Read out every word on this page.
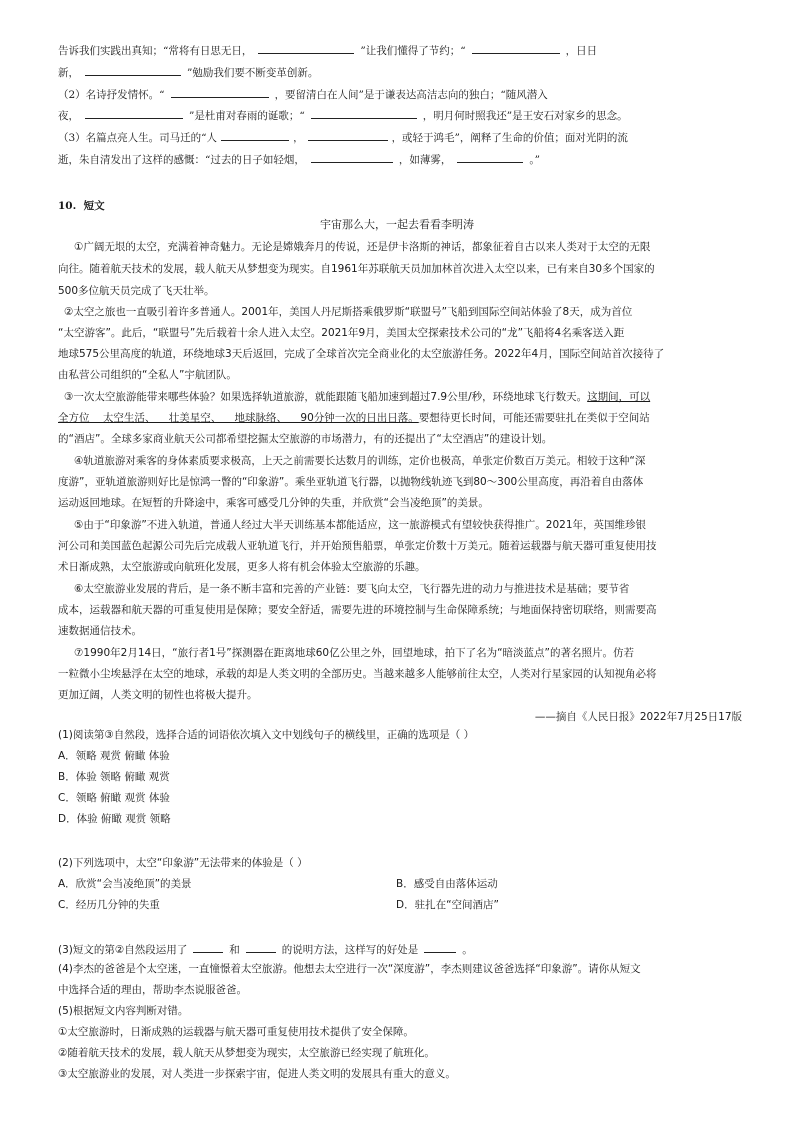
告诉我们实践出真知；“常将有日思无日，	”让我们懂得了节约；“	，日日
新，	”勉励我们要不断变革创新。
（2）名诗抒发情怀。“	，要留清白在人间”是于谦表达高洁志向的独白；“随风潜入
夜，	”是杜甫对春雨的诞歌；“	，明月何时照我还”是王安石对家乡的思念。
（3）名篇点亮人生。司马迁的“人	，	，或轻于鸿毛”，阐释了生命的价值；面对光阴的流
逝，朱自清发出了这样的感慨：“过去的日子如轻烟，	，如薄雾，	。”
10. 短文
宇宙那么大，一起去看看李明涛
①广阔无垠的太空，充满着神奇魅力。无论是嫦娥奔月的传说，还是伊卡洛斯的神话，都象征着自古以来人类对于太空的无限
向往。随着航天技术的发展，载人航天从梦想变为现实。自1961年苏联航天员加加林首次进入太空以来，已有来自30多个国家的
500多位航天员完成了飞天壮举。
②太空之旅也一直吸引着许多普通人。2001年，美国人丹尼斯搭乘俄罗斯“联盟号”飞船到国际空间站体验了8天，成为首位
“太空游客”。此后，“联盟号”先后载着十余人进入太空。2021年9月，美国太空探索技术公司的“龙”飞船将4名乘客送入距
地球575公里高度的轨道，环绕地球3天后返回，完成了全球首次完全商业化的太空旅游任务。2022年4月，国际空间站首次接待了
由私营公司组织的“全私人”宇航团队。
③一次太空旅游能带来哪些体验？如果选择轨道旅游，就能跟随飞船加速到超过7.9公里/秒，环绕地球飞行数天。这期间，可以
全方位    太空生活、    壮美星空、    地球脉络、    90分钟一次的日出日落。要想待更长时间，可能还需要驻扎在类似于空间站
的“酒店”。全球多家商业航天公司都希望挖掘太空旅游的市场潜力，有的还提出了“太空酒店”的建设计划。
④轨道旅游对乘客的身体素质要求极高，上天之前需要长达数月的训练，定价也极高，单张定价数百万美元。相较于这种“深
度游”，亚轨道旅游则好比是惊鸿一瞥的“印象游”。乘坐亚轨道飞行器，以抛物线轨迹飞到80～300公里高度，再沿着自由落体
运动返回地球。在短暂的升降途中，乘客可感受几分钟的失重，并欣赏“会当凌绝顶”的美景。
⑤由于“印象游”不进入轨道，普通人经过大半天训练基本都能适应，这一旅游模式有望较快获得推广。2021年，英国维珍银
河公司和美国蓝色起源公司先后完成载人亚轨道飞行，并开始预售船票，单张定价数十万美元。随着运载器与航天器可重复使用技
术日渐成熟，太空旅游或向航班化发展，更多人将有机会体验太空旅游的乐趣。
⑥太空旅游业发展的背后，是一条不断丰富和完善的产业链：要飞向太空，飞行器先进的动力与推进技术是基础；要节省
成本，运载器和航天器的可重复使用是保障；要安全舒适，需要先进的环境控制与生命保障系统；与地面保持密切联络，则需要高
速数据通信技术。
⑦1990年2月14日，“旅行者1号”探测器在距离地球60亿公里之外，回望地球，拍下了名为“暗淡蓝点”的著名照片。仿若
一粒微小尘埃悬浮在太空的地球，承载的却是人类文明的全部历史。当越来越多人能够前往太空，人类对行星家园的认知视角必将
更加辽阔，人类文明的韧性也将极大提升。
——摘自《人民日报》2022年7月25日17版
(1)阅读第③自然段，选择合适的词语依次填入文中划线句子的横线里，正确的选项是（ ）
A．领略 观赏 俯瞰 体验
B．体验 领略 俯瞰 观赏
C．领略 俯瞰 观赏 体验
D．体验 俯瞰 观赏 领略
(2)下列选项中，太空“印象游”无法带来的体验是（ ）
A．欣赏“会当凌绝顶”的美景	B．感受自由落体运动
C．经历几分钟的失重	D．驻扎在“空间酒店”
(3)短文的第②自然段运用了	和	的说明方法，这样写的好处是	。
(4)李杰的爸爸是个太空迷，一直憧憬着太空旅游。他想去太空进行一次“深度游”，李杰则建议爸爸选择“印象游”。请你从短文
中选择合适的理由，帮助李杰说服爸爸。
(5)根据短文内容判断对错。
①太空旅游时，日渐成熟的运载器与航天器可重复使用技术提供了安全保障。
②随着航天技术的发展，载人航天从梦想变为现实，太空旅游已经实现了航班化。
③太空旅游业的发展，对人类进一步探索宇宙，促进人类文明的发展具有重大的意义。
